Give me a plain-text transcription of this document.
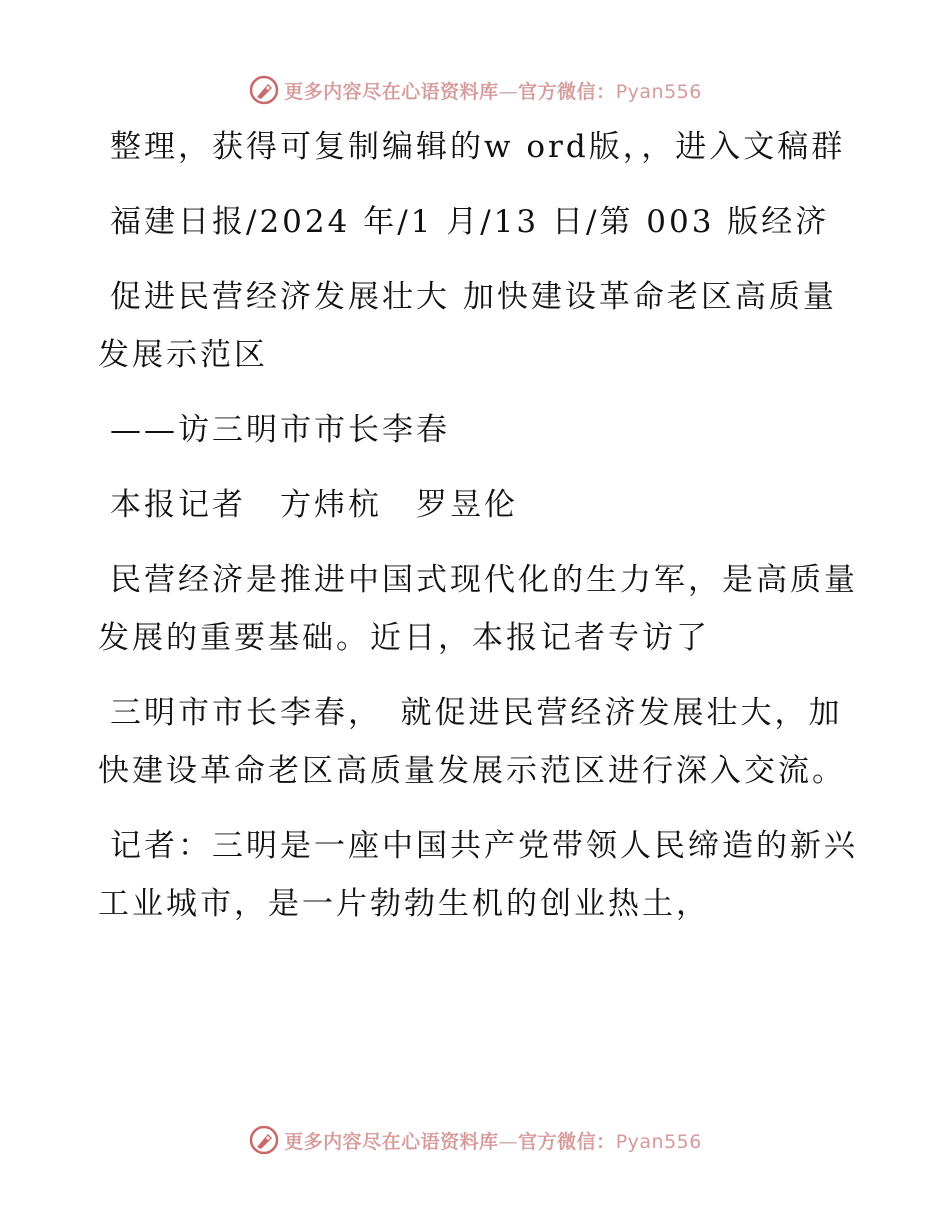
更多内容尽在心语资料库—官方微信：Pyan556

整理，获得可复制编辑的w ord版，，进入文稿群

福建日报/2024 年/1 月/13 日/第 003 版经济

促进民营经济发展壮大 加快建设革命老区高质量发展示范区

——访三明市市长李春

本报记者　方炜杭　罗昱伦

民营经济是推进中国式现代化的生力军，是高质量发展的重要基础。近日，本报记者专访了

三明市市长李春，　就促进民营经济发展壮大，加快建设革命老区高质量发展示范区进行深入交流。

记者：三明是一座中国共产党带领人民缔造的新兴工业城市，是一片勃勃生机的创业热土，

更多内容尽在心语资料库—官方微信：Pyan556
